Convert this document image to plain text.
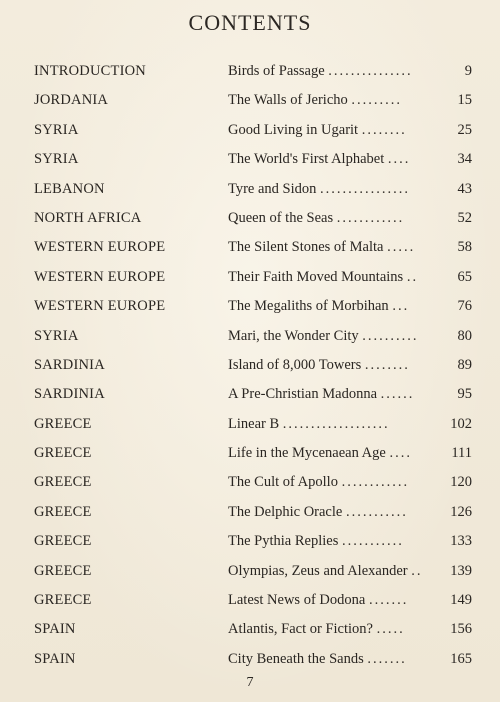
CONTENTS
INTRODUCTION	Birds of Passage ...............	9
JORDANIA	The Walls of Jericho .........	15
SYRIA	Good Living in Ugarit ........	25
SYRIA	The World's First Alphabet ....	34
LEBANON	Tyre and Sidon ................	43
NORTH AFRICA	Queen of the Seas ............	52
WESTERN EUROPE	The Silent Stones of Malta .....	58
WESTERN EUROPE	Their Faith Moved Mountains ..	65
WESTERN EUROPE	The Megaliths of Morbihan ...	76
SYRIA	Mari, the Wonder City ..........	80
SARDINIA	Island of 8,000 Towers ........	89
SARDINIA	A Pre-Christian Madonna ......	95
GREECE	Linear B ...................	102
GREECE	Life in the Mycenaean Age ....	111
GREECE	The Cult of Apollo ............	120
GREECE	The Delphic Oracle ...........	126
GREECE	The Pythia Replies ...........	133
GREECE	Olympias, Zeus and Alexander ..	139
GREECE	Latest News of Dodona .......	149
SPAIN	Atlantis, Fact or Fiction? .....	156
SPAIN	City Beneath the Sands .......	165
7
